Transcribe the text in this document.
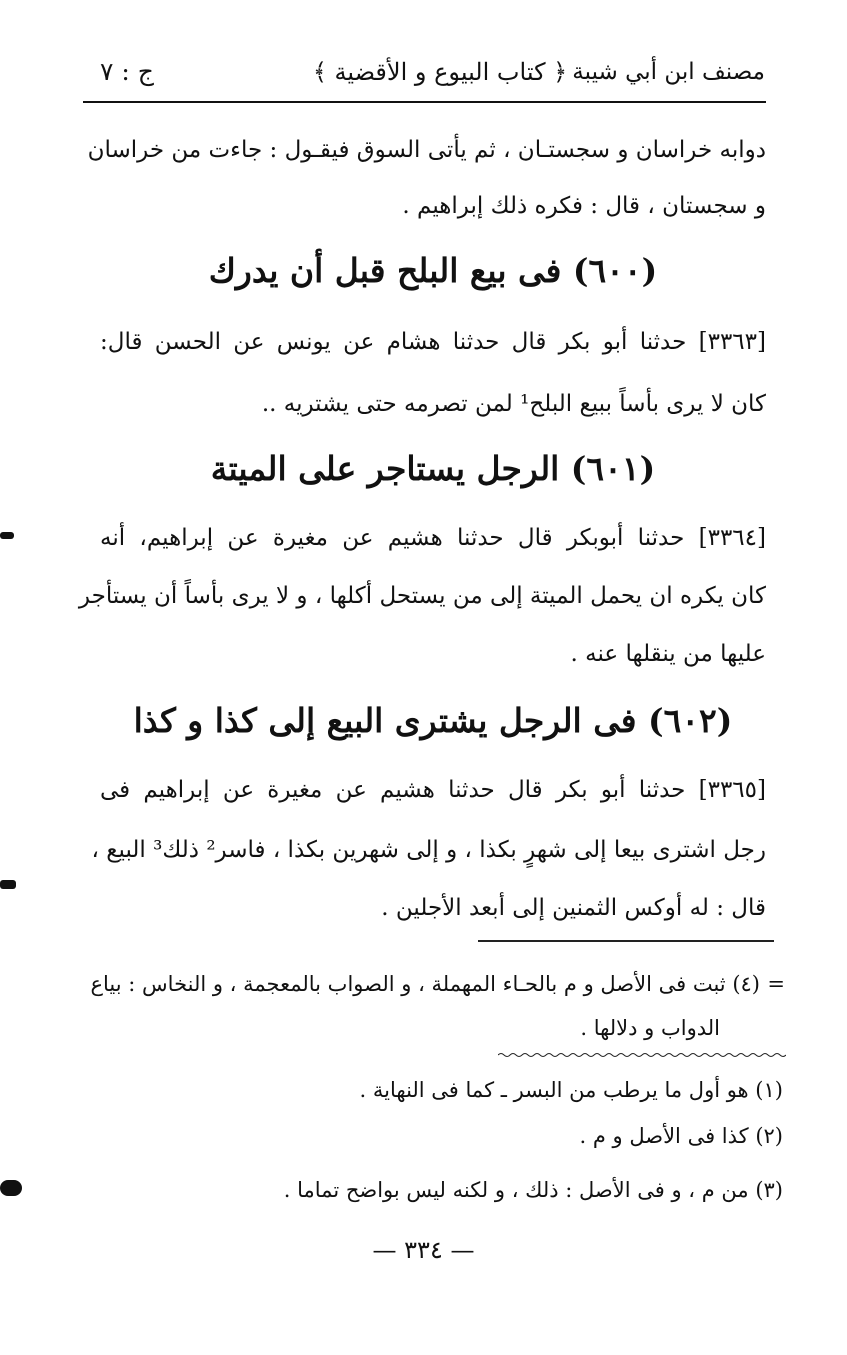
مصنف ابن أبي شيبة
﴿ كتاب البيوع و الأقضية ﴾
ج : ٧
دوابه خراسان و سجستـان ، ثم يأتى السوق فيقـول : جاءت من خراسان
و سجستان ، قال : فكره ذلك إبراهيم .
(٦٠٠) فى بيع البلح قبل أن يدرك
[٣٣٦٣] حدثنا أبو بكر قال حدثنا هشام عن يونس عن الحسن قال:
كان لا يرى بأساً ببيع البلح¹ لمن تصرمه حتى يشتريه ..
(٦٠١) الرجل يستاجر على الميتة
[٣٣٦٤] حدثنا أبوبكر قال حدثنا هشيم عن مغيرة عن إبراهيم، أنه
كان يكره ان يحمل الميتة إلى من يستحل أكلها ، و لا يرى بأساً أن يستأجر
عليها من ينقلها عنه .
(٦٠٢) فى الرجل يشترى البيع إلى كذا و كذا
[٣٣٦٥] حدثنا أبو بكر قال حدثنا هشيم عن مغيرة عن إبراهيم فى
رجل اشترى بيعا إلى شهرٍ بكذا ، و إلى شهرين بكذا ، فاسر² ذلك³ البيع ،
قال : له أوكس الثمنين إلى أبعد الأجلين .
=
(٤) ثبت فى الأصل و م بالحـاء المهملة ، و الصواب بالمعجمة ، و النخاس : بياع
الدواب و دلالها .
(١) هو أول ما يرطب من البسر ـ كما فى النهاية .
(٢) كذا فى الأصل و م .
(٣) من م ، و فى الأصل : ذلك ، و لكنه ليس بواضح تماما .
— ٣٣٤ —
